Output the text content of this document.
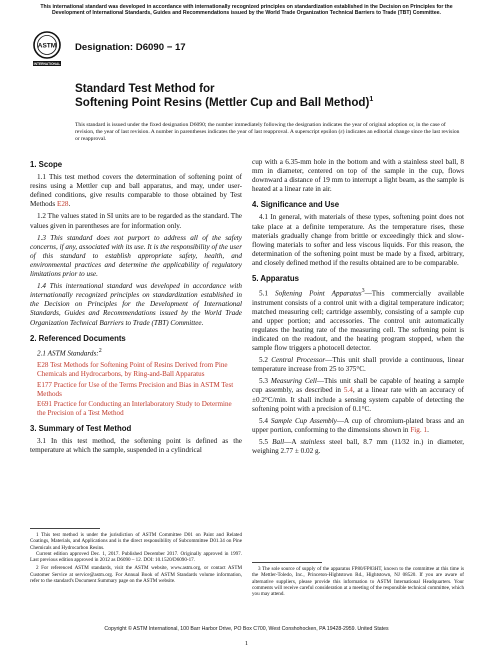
This international standard was developed in accordance with internationally recognized principles on standardization established in the Decision on Principles for the Development of International Standards, Guides and Recommendations issued by the World Trade Organization Technical Barriers to Trade (TBT) Committee.
ASTM
INTERNATIONAL
Designation: D6090 − 17
Standard Test Method for
Softening Point Resins (Mettler Cup and Ball Method)$^1$
This standard is issued under the fixed designation D6090; the number immediately following the designation indicates the year of original adoption or, in the case of revision, the year of last revision. A number in parentheses indicates the year of last reapproval. A superscript epsilon (ε) indicates an editorial change since the last revision or reapproval.
1. Scope

1.1 This test method covers the determination of softening point of resins using a Mettler cup and ball apparatus, and may, under user-defined conditions, give results comparable to those obtained by Test Methods E28.

1.2 The values stated in SI units are to be regarded as the standard. The values given in parentheses are for information only.

1.3 This standard does not purport to address all of the safety concerns, if any, associated with its use. It is the responsibility of the user of this standard to establish appropriate safety, health, and environmental practices and determine the applicability of regulatory limitations prior to use.

1.4 This international standard was developed in accordance with internationally recognized principles on standardization established in the Decision on Principles for the Development of International Standards, Guides and Recommendations issued by the World Trade Organization Technical Barriers to Trade (TBT) Committee.

2. Referenced Documents

2.1 ASTM Standards:$^2$

E28 Test Methods for Softening Point of Resins Derived from Pine Chemicals and Hydrocarbons, by Ring-and-Ball Apparatus
E177 Practice for Use of the Terms Precision and Bias in ASTM Test Methods
E691 Practice for Conducting an Interlaboratory Study to Determine the Precision of a Test Method
3. Summary of Test Method

3.1 In this test method, the softening point is defined as the temperature at which the sample, suspended in a cylindrical

cup with a 6.35-mm hole in the bottom and with a stainless steel ball, 8 mm in diameter, centered on top of the sample in the cup, flows downward a distance of 19 mm to interrupt a light beam, as the sample is heated at a linear rate in air.

4. Significance and Use

4.1 In general, with materials of these types, softening point does not take place at a definite temperature. As the temperature rises, these materials gradually change from brittle or exceedingly thick and slow-flowing materials to softer and less viscous liquids. For this reason, the determination of the softening point must be made by a fixed, arbitrary, and closely defined method if the results obtained are to be comparable.

5. Apparatus

5.1 Softening Point Apparatus$^3$—This commercially available instrument consists of a control unit with a digital temperature indicator; matched measuring cell; cartridge assembly, consisting of a sample cup and upper portion; and accessories. The control unit automatically regulates the heating rate of the measuring cell. The softening point is indicated on the readout, and the heating program stopped, when the sample flow triggers a photocell detector.

5.2 Central Processor—This unit shall provide a continuous, linear temperature increase from 25 to 375°C.

5.3 Measuring Cell—This unit shall be capable of heating a sample cup assembly, as described in 5.4, at a linear rate with an accuracy of ±0.2°C/min. It shall include a sensing system capable of detecting the softening point with a precision of 0.1°C.

5.4 Sample Cup Assembly—A cup of chromium-plated brass and an upper portion, conforming to the dimensions shown in Fig. 1.

5.5 Ball—A stainless steel ball, 8.7 mm (11⁄32 in.) in diameter, weighing 2.77 ± 0.02 g.

1 This test method is under the jurisdiction of ASTM Committee D01 on Paint and Related Coatings, Materials, and Applications and is the direct responsibility of Subcommittee D01.34 on Pine Chemicals and Hydrocarbon Resins.
Current edition approved Dec. 1, 2017. Published December 2017. Originally approved in 1997. Last previous edition approved in 2012 as D6090 – 12. DOI: 10.1520/D6090-17.
2 For referenced ASTM standards, visit the ASTM website, www.astm.org, or contact ASTM Customer Service at service@astm.org. For Annual Book of ASTM Standards volume information, refer to the standard's Document Summary page on the ASTM website.
3 The sole source of supply of the apparatus FP80/FP83HT, known to the committee at this time is the Mettler-Toledo, Inc., Princeton-Hightstown Rd., Hightstown, NJ 08520. If you are aware of alternative suppliers, please provide this information to ASTM International Headquarters. Your comments will receive careful consideration at a meeting of the responsible technical committee, which you may attend.
Copyright © ASTM International, 100 Barr Harbor Drive, PO Box C700, West Conshohocken, PA 19428-2959. United States
1
